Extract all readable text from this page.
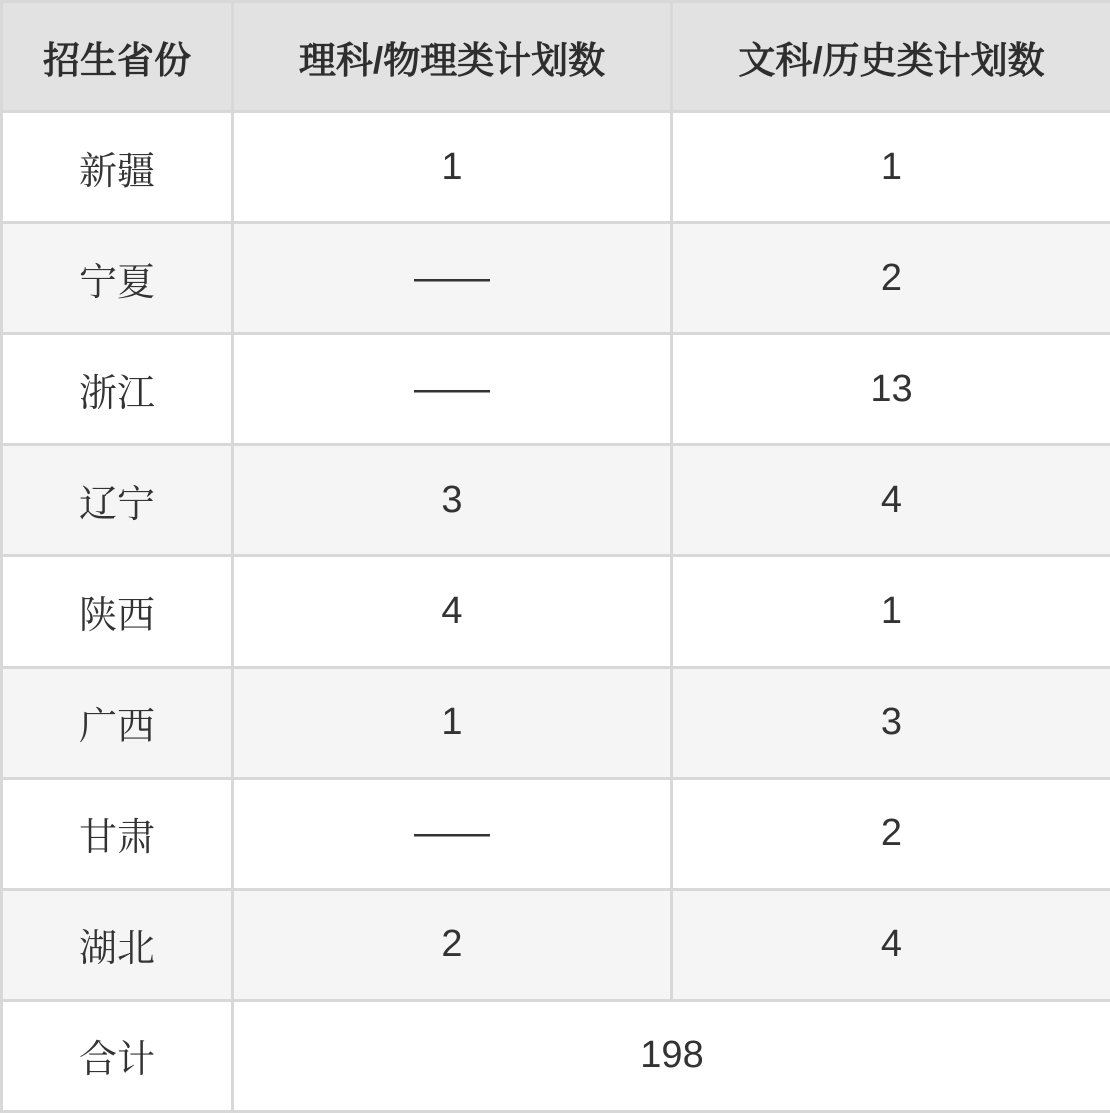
招生省份	理科/物理类计划数	文科/历史类计划数
新疆	1	1
宁夏	——	2
浙江	——	13
辽宁	3	4
陕西	4	1
广西	1	3
甘肃	——	2
湖北	2	4
合计	198	
